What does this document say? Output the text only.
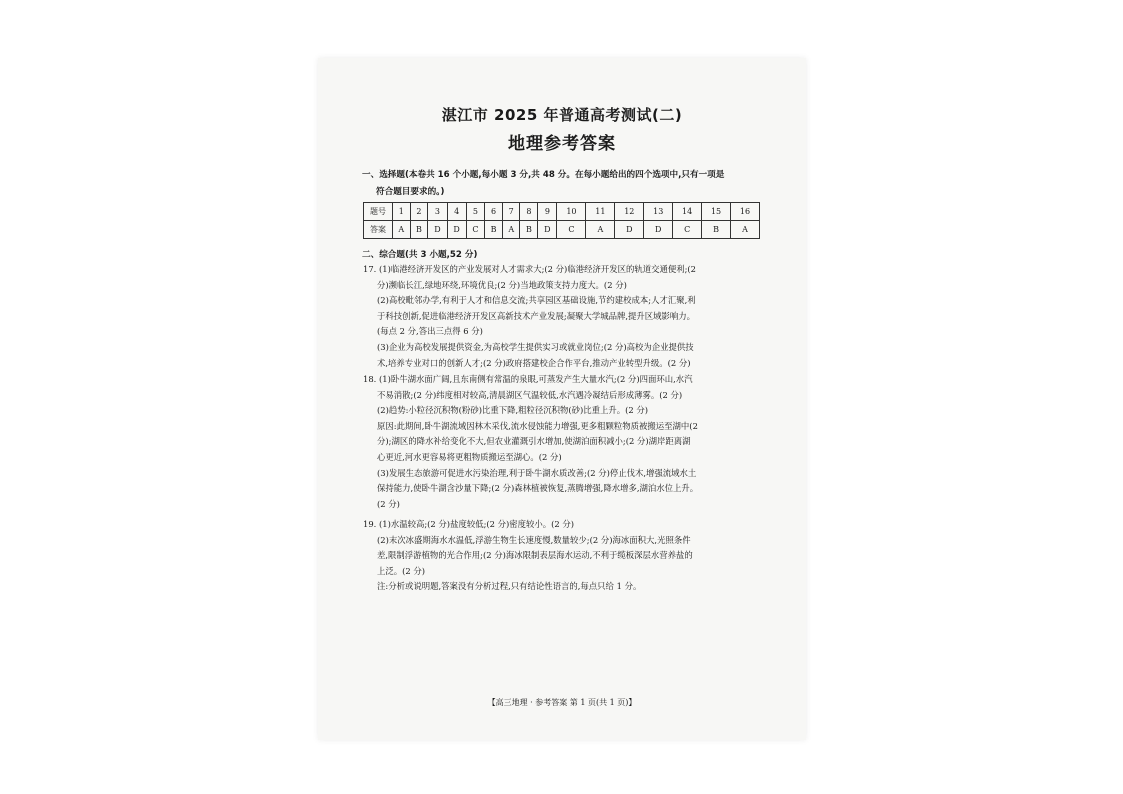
湛江市 2025 年普通高考测试(二)
地理参考答案
一、选择题(本卷共 16 个小题,每小题 3 分,共 48 分。在每小题给出的四个选项中,只有一项是
符合题目要求的。)
题号	1	2	3	4	5	6	7	8	9	10	11	12	13	14	15	16
答案	A	B	D	D	C	B	A	B	D	C	A	D	D	C	B	A
二、综合题(共 3 小题,52 分)

17. (1)临港经济开发区的产业发展对人才需求大;(2 分)临港经济开发区的轨道交通便利;(2

分)濒临长江,绿地环绕,环境优良;(2 分)当地政策支持力度大。(2 分)

(2)高校毗邻办学,有利于人才和信息交流;共享园区基础设施,节约建校成本;人才汇聚,利

于科技创新,促进临港经济开发区高新技术产业发展;凝聚大学城品牌,提升区域影响力。

(每点 2 分,答出三点得 6 分)

(3)企业为高校发展提供资金,为高校学生提供实习或就业岗位;(2 分)高校为企业提供技

术,培养专业对口的创新人才;(2 分)政府搭建校企合作平台,推动产业转型升级。(2 分)

18. (1)卧牛湖水面广阔,且东南侧有常温的泉眼,可蒸发产生大量水汽;(2 分)四面环山,水汽

不易消散;(2 分)纬度相对较高,清晨湖区气温较低,水汽遇冷凝结后形成薄雾。(2 分)

(2)趋势:小粒径沉积物(粉砂)比重下降,粗粒径沉积物(砂)比重上升。(2 分)

原因:此期间,卧牛湖流域因林木采伐,流水侵蚀能力增强,更多粗颗粒物质被搬运至湖中(2

分);湖区的降水补给变化不大,但农业灌溉引水增加,使湖泊面积减小;(2 分)湖岸距离湖

心更近,河水更容易将更粗物质搬运至湖心。(2 分)

(3)发展生态旅游可促进水污染治理,利于卧牛湖水质改善;(2 分)停止伐木,增强流域水土

保持能力,使卧牛湖含沙量下降;(2 分)森林植被恢复,蒸腾增强,降水增多,湖泊水位上升。

(2 分)

19. (1)水温较高;(2 分)盐度较低;(2 分)密度较小。(2 分)

(2)末次冰盛期海水水温低,浮游生物生长速度慢,数量较少;(2 分)海冰面积大,光照条件

差,限制浮游植物的光合作用;(2 分)海冰限制表层海水运动,不利于缆板深层水营养盐的

上泛。(2 分)

注:分析或说明题,答案没有分析过程,只有结论性语言的,每点只给 1 分。

【高三地理 · 参考答案 第 1 页(共 1 页)】
